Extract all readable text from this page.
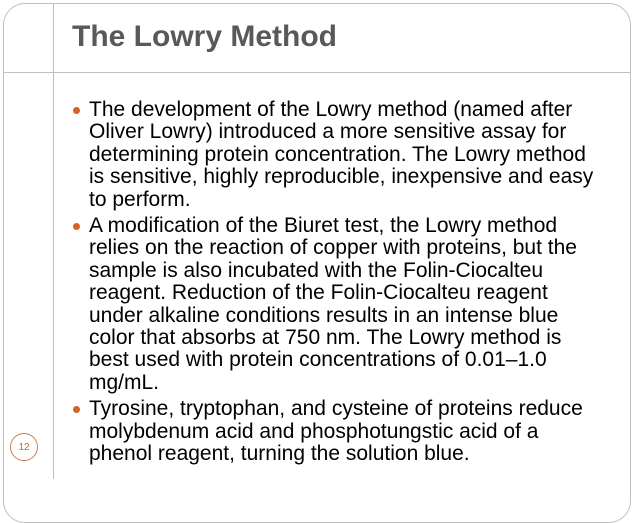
The Lowry Method
The development of the Lowry method (named after Oliver Lowry) introduced a more sensitive assay for determining protein concentration. The Lowry method is sensitive, highly reproducible, inexpensive and easy to perform.
A modification of the Biuret test, the Lowry method relies on the reaction of copper with proteins, but the sample is also incubated with the Folin-Ciocalteu reagent. Reduction of the Folin-Ciocalteu reagent under alkaline conditions results in an intense blue color that absorbs at 750 nm. The Lowry method is best used with protein concentrations of 0.01–1.0 mg/mL.
Tyrosine, tryptophan, and cysteine of proteins reduce molybdenum acid and phosphotungstic acid of a phenol reagent, turning the solution blue.
12
